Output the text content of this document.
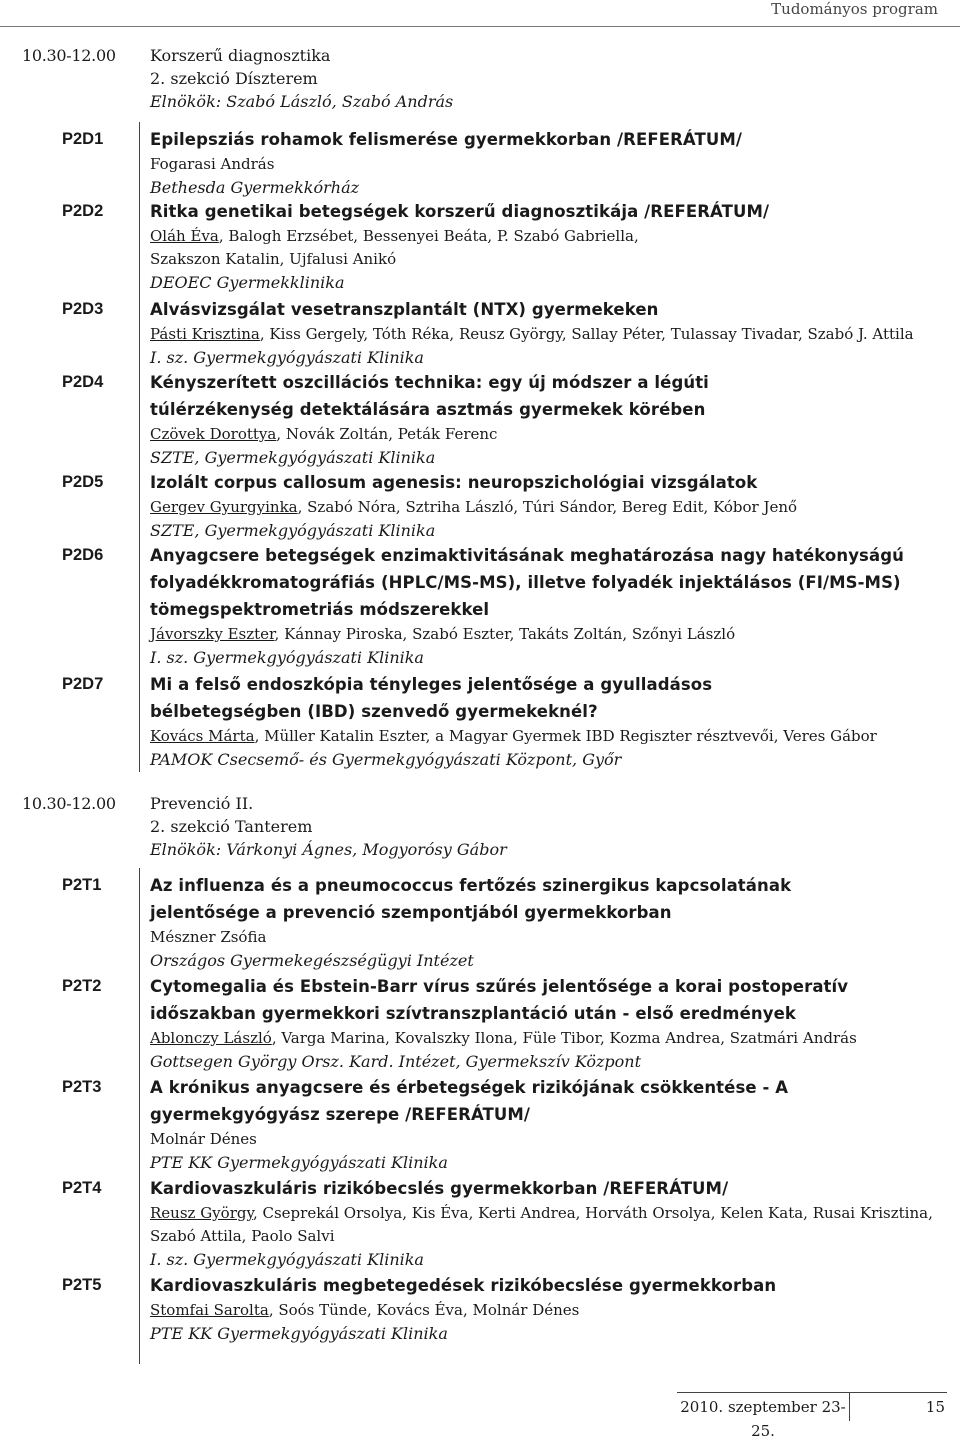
Tudományos program
10.30-12.00 Korszerű diagnosztika
2. szekció Díszterem
Elnökök: Szabó László, Szabó András
P2D1	Epilepsziás rohamok felismerése gyermekkorban /REFERÁTUM/
Fogarasi András
Bethesda Gyermekkórház
P2D2	Ritka genetikai betegségek korszerű diagnosztikája /REFERÁTUM/
Oláh Éva, Balogh Erzsébet, Bessenyei Beáta, P. Szabó Gabriella, Szakszon Katalin, Ujfalusi Anikó
DEOEC Gyermekklinika
P2D3	Alvásvizsgálat vesetranszplantált (NTX) gyermekeken
Pásti Krisztina, Kiss Gergely, Tóth Réka, Reusz György, Sallay Péter, Tulassay Tivadar, Szabó J. Attila
I. sz. Gyermekgyógyászati Klinika
P2D4	Kényszerített oszcillációs technika: egy új módszer a légúti túlérzékenység detektálására asztmás gyermekek körében
Czövek Dorottya, Novák Zoltán, Peták Ferenc
SZTE, Gyermekgyógyászati Klinika
P2D5	Izolált corpus callosum agenesis: neuropszichológiai vizsgálatok
Gergev Gyurgyinka, Szabó Nóra, Sztriha László, Túri Sándor, Bereg Edit, Kóbor Jenő
SZTE, Gyermekgyógyászati Klinika
P2D6	Anyagcsere betegségek enzimaktivitásának meghatározása nagy hatékonyságú folyadékkromatográfiás (HPLC/MS-MS), illetve folyadék injektálásos (FI/MS-MS) tömegspektrometriás módszerekkel
Jávorszky Eszter, Kánnay Piroska, Szabó Eszter, Takáts Zoltán, Szőnyi László
I. sz. Gyermekgyógyászati Klinika
P2D7	Mi a felső endoszkópia tényleges jelentősége a gyulladásos bélbetegségben (IBD) szenvedő gyermekeknél?
Kovács Márta, Müller Katalin Eszter, a Magyar Gyermek IBD Regiszter résztvevői, Veres Gábor
PAMOK Csecsemő- és Gyermekgyógyászati Központ, Győr
10.30-12.00 Prevenció II.
2. szekció Tanterem
Elnökök: Várkonyi Ágnes, Mogyorósy Gábor
P2T1	Az influenza és a pneumococcus fertőzés szinergikus kapcsolatának jelentősége a prevenció szempontjából gyermekkorban
Mészner Zsófia
Országos Gyermekegészségügyi Intézet
P2T2	Cytomegalia és Ebstein-Barr vírus szűrés jelentősége a korai postoperatív időszakban gyermekkori szívtranszplantáció után - első eredmények
Ablonczy László, Varga Marina, Kovalszky Ilona, Füle Tibor, Kozma Andrea, Szatmári András
Gottsegen György Orsz. Kard. Intézet, Gyermekszív Központ
P2T3	A krónikus anyagcsere és érbetegségek rizikójának csökkentése - A gyermekgyógyász szerepe /REFERÁTUM/
Molnár Dénes
PTE KK Gyermekgyógyászati Klinika
P2T4	Kardiovaszkuláris rizikóbecslés gyermekkorban /REFERÁTUM/
Reusz György, Cseprekál Orsolya, Kis Éva, Kerti Andrea, Horváth Orsolya, Kelen Kata, Rusai Krisztina, Szabó Attila, Paolo Salvi
I. sz. Gyermekgyógyászati Klinika
P2T5	Kardiovaszkuláris megbetegedések rizikóbecslése gyermekkorban
Stomfai Sarolta, Soós Tünde, Kovács Éva, Molnár Dénes
PTE KK Gyermekgyógyászati Klinika
2010. szeptember 23-25.
15
